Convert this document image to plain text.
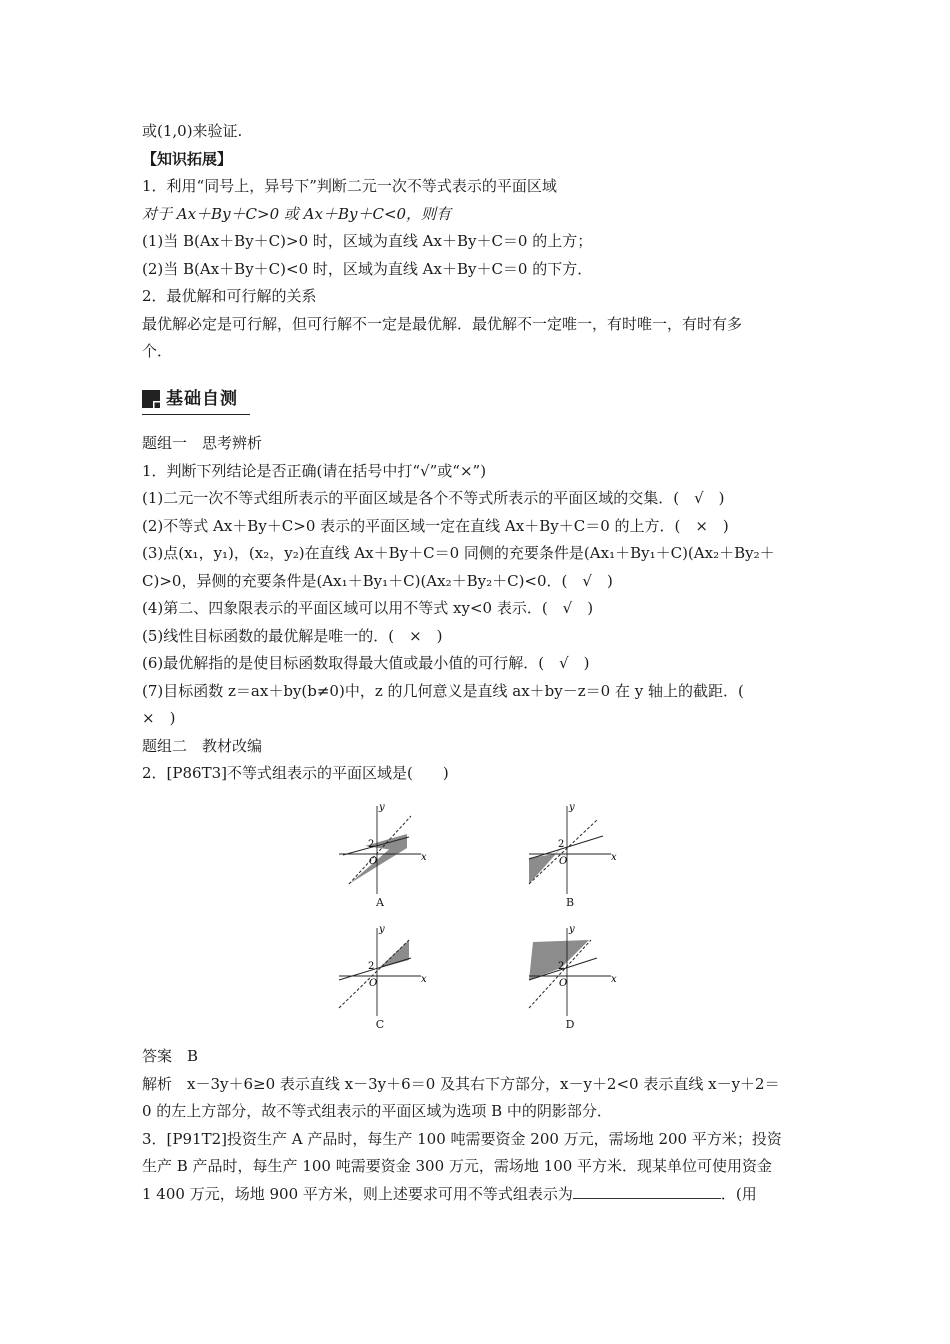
或(1,0)来验证.
【知识拓展】
1．利用“同号上，异号下”判断二元一次不等式表示的平面区域
对于 Ax＋By＋C>0 或 Ax＋By＋C<0，则有
(1)当 B(Ax＋By＋C)>0 时，区域为直线 Ax＋By＋C＝0 的上方；
(2)当 B(Ax＋By＋C)<0 时，区域为直线 Ax＋By＋C＝0 的下方．
2．最优解和可行解的关系
最优解必定是可行解，但可行解不一定是最优解．最优解不一定唯一，有时唯一，有时有多
个．
基础自测
题组一　思考辨析
1．判断下列结论是否正确(请在括号中打“√”或“×”)
(1)二元一次不等式组所表示的平面区域是各个不等式所表示的平面区域的交集．(　√　)
(2)不等式 Ax＋By＋C>0 表示的平面区域一定在直线 Ax＋By＋C＝0 的上方．(　×　)
(3)点(x₁，y₁)，(x₂，y₂)在直线 Ax＋By＋C＝0 同侧的充要条件是(Ax₁＋By₁＋C)(Ax₂＋By₂＋
C)>0，异侧的充要条件是(Ax₁＋By₁＋C)(Ax₂＋By₂＋C)<0．(　√　)
(4)第二、四象限表示的平面区域可以用不等式 xy<0 表示．(　√　)
(5)线性目标函数的最优解是唯一的．(　×　)
(6)最优解指的是使目标函数取得最大值或最小值的可行解．(　√　)
(7)目标函数 z＝ax＋by(b≠0)中，z 的几何意义是直线 ax＋by－z＝0 在 y 轴上的截距．(
×　)
题组二　教材改编
2．[P86T3]不等式组表示的平面区域是(　　)
y
x
O
2
A
y
x
O
2
B
y
x
O
2
C
y
x
O
2
D
答案　B
解析　x－3y＋6≥0 表示直线 x－3y＋6＝0 及其右下方部分，x－y＋2<0 表示直线 x－y＋2＝
0 的左上方部分，故不等式组表示的平面区域为选项 B 中的阴影部分．
3．[P91T2]投资生产 A 产品时，每生产 100 吨需要资金 200 万元，需场地 200 平方米；投资
生产 B 产品时，每生产 100 吨需要资金 300 万元，需场地 100 平方米．现某单位可使用资金
1 400 万元，场地 900 平方米，则上述要求可用不等式组表示为	．(用
